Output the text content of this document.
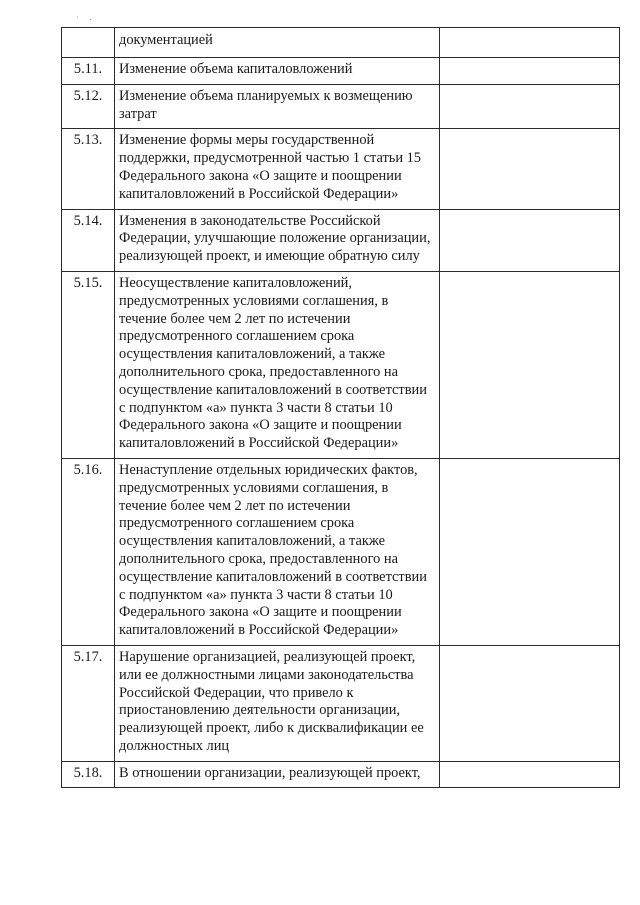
· .
	документацией	
5.11.	Изменение объема капиталовложений	
5.12.	Изменение объема планируемых к возмещению затрат	
5.13.	Изменение формы меры государственной поддержки, предусмотренной частью 1 статьи 15 Федерального закона «О защите и поощрении капиталовложений в Российской Федерации»	
5.14.	Изменения в законодательстве Российской Федерации, улучшающие положение организации, реализующей проект, и имеющие обратную силу	
5.15.	Неосуществление капиталовложений, предусмотренных условиями соглашения, в течение более чем 2 лет по истечении предусмотренного соглашением срока осуществления капиталовложений, а также дополнительного срока, предоставленного на осуществление капиталовложений в соответствии с подпунктом «а» пункта 3 части 8 статьи 10 Федерального закона «О защите и поощрении капиталовложений в Российской Федерации»	
5.16.	Ненаступление отдельных юридических фактов, предусмотренных условиями соглашения, в течение более чем 2 лет по истечении предусмотренного соглашением срока осуществления капиталовложений, а также дополнительного срока, предоставленного на осуществление капиталовложений в соответствии с подпунктом «а» пункта 3 части 8 статьи 10 Федерального закона «О защите и поощрении капиталовложений в Российской Федерации»	
5.17.	Нарушение организацией, реализующей проект, или ее должностными лицами законодательства Российской Федерации, что привело к приостановлению деятельности организации, реализующей проект, либо к дисквалификации ее должностных лиц	
5.18.	В отношении организации, реализующей проект,	
